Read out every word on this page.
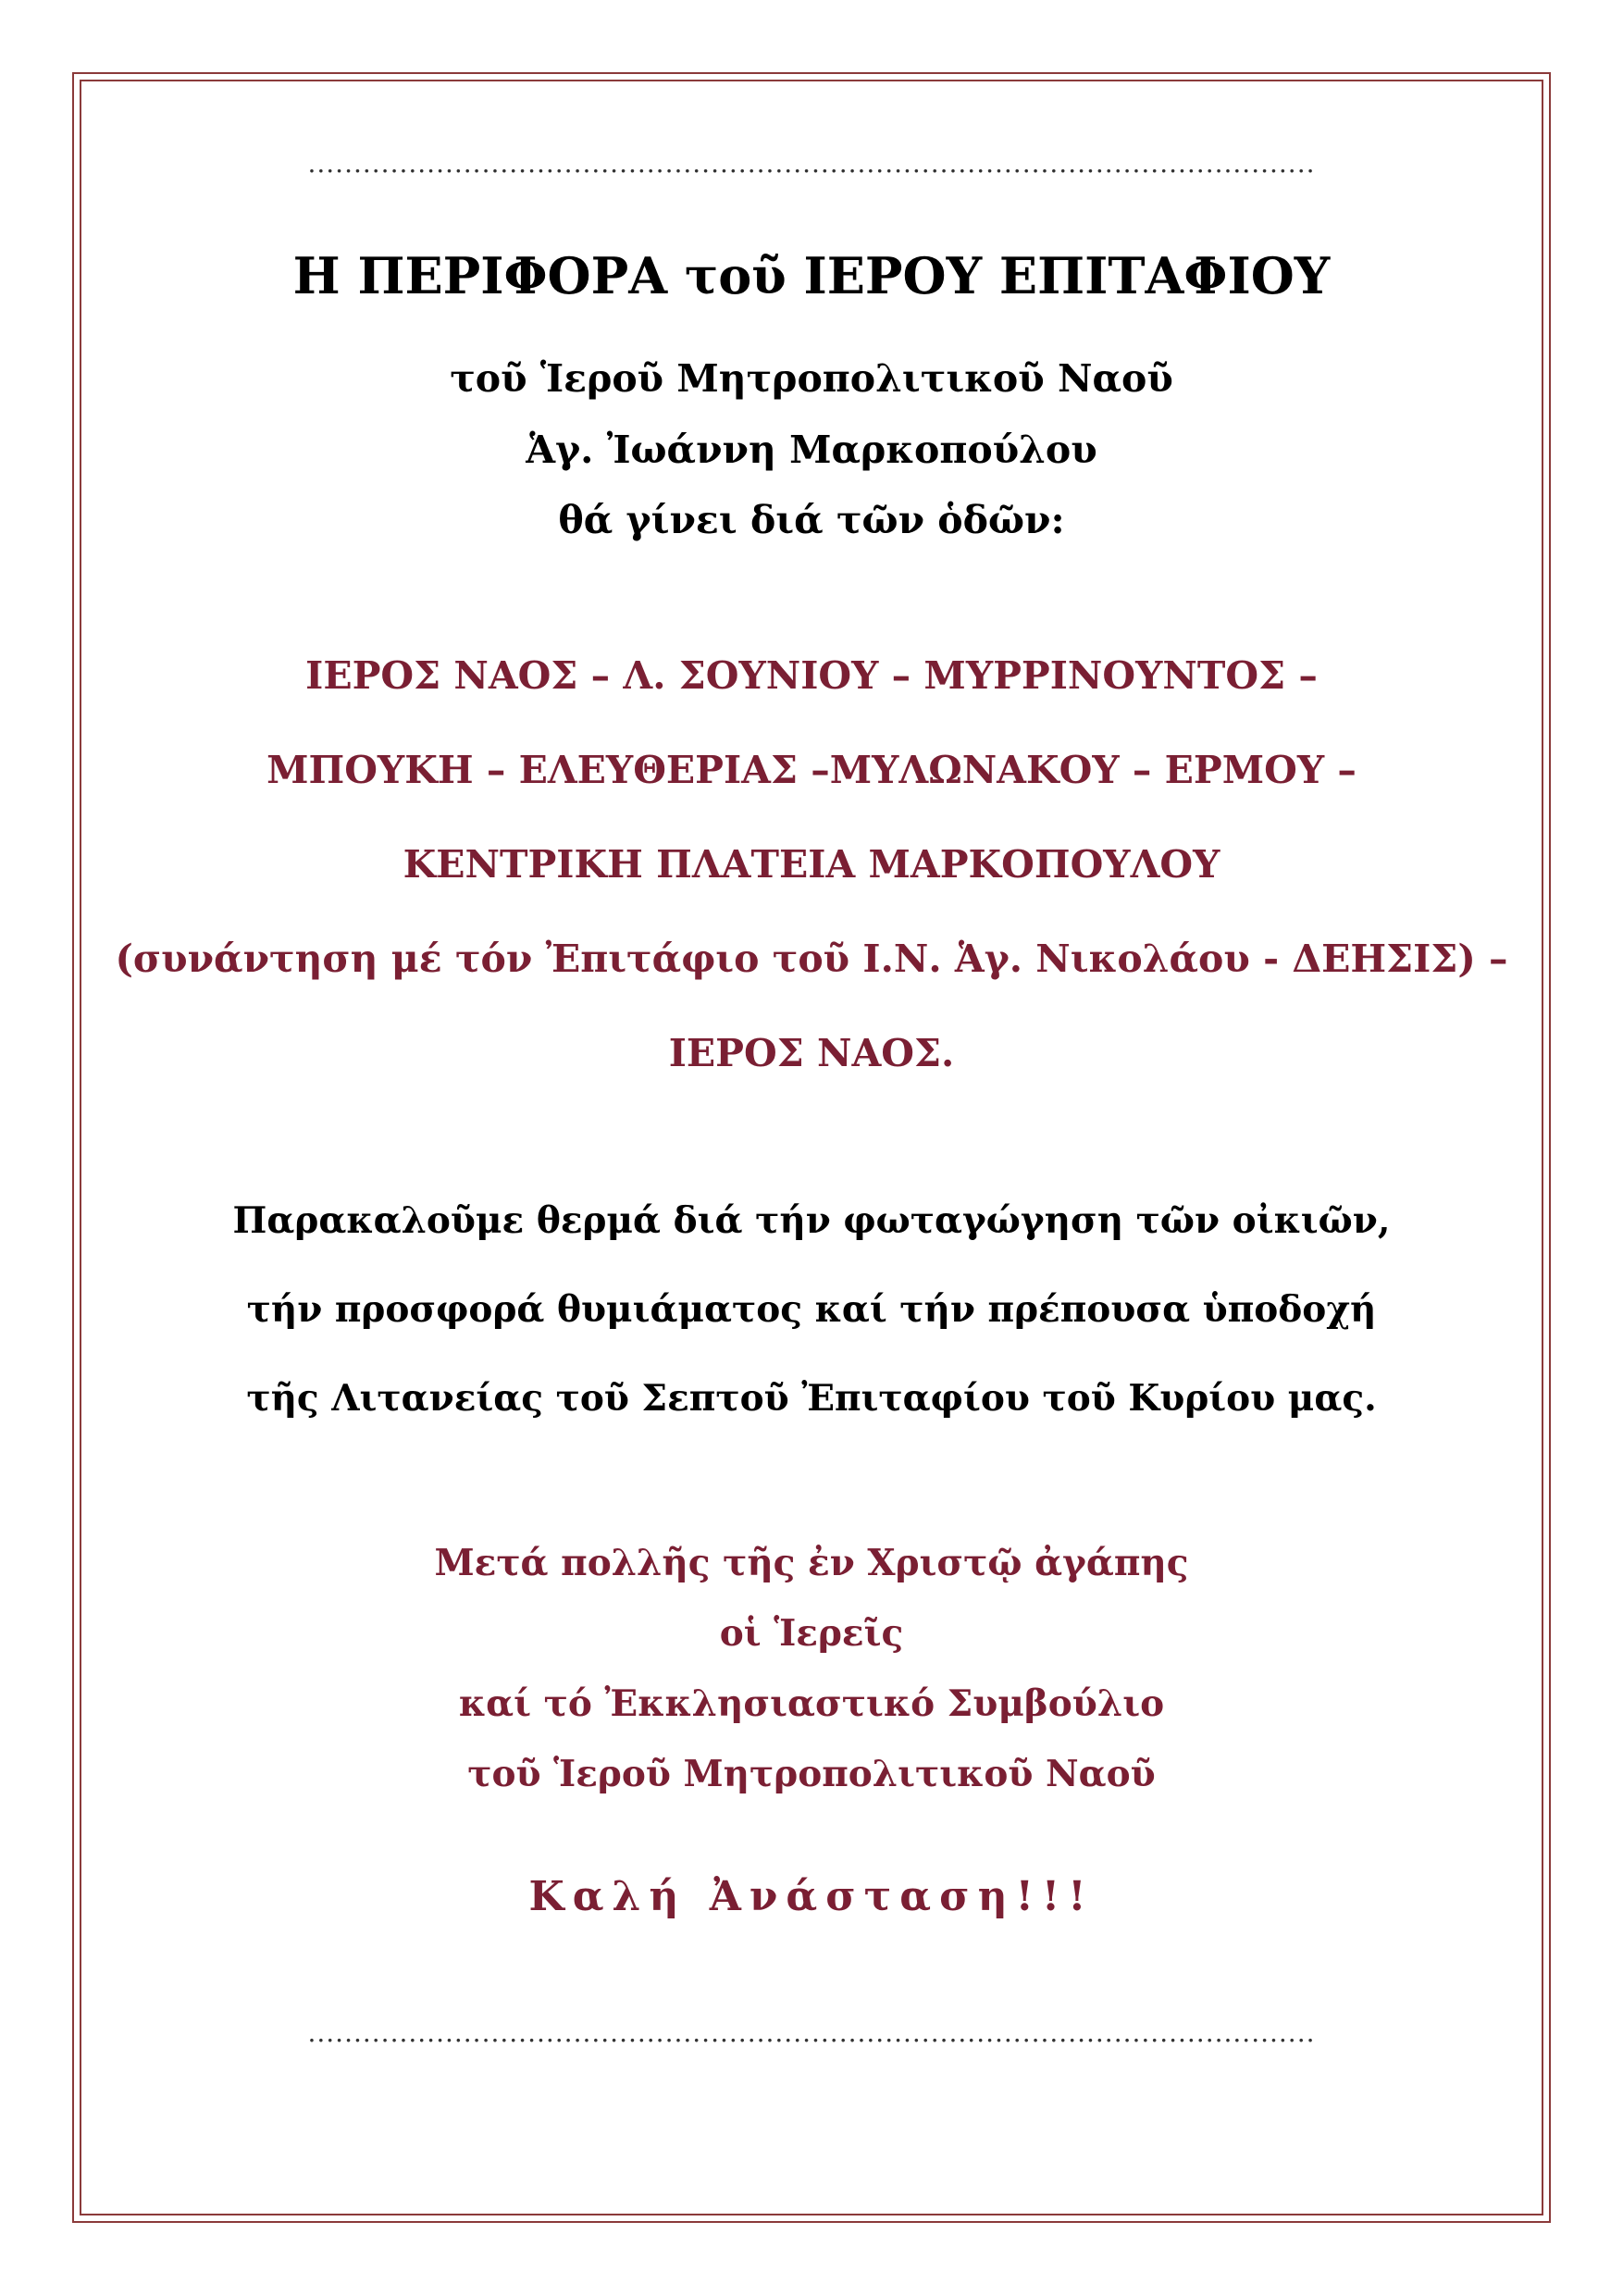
..............................................................................................................
Η ΠΕΡΙΦΟΡΑ τοῦ ΙΕΡΟΥ ΕΠΙΤΑΦΙΟΥ
τοῦ Ἱεροῦ Μητροπολιτικοῦ Ναοῦ
Ἁγ. Ἰωάννη Μαρκοπούλου
θά γίνει διά τῶν ὁδῶν:
ΙΕΡΟΣ ΝΑΟΣ – Λ. ΣΟΥΝΙΟΥ – ΜΥΡΡΙΝΟΥΝΤΟΣ –
ΜΠΟΥΚΗ – ΕΛΕΥΘΕΡΙΑΣ –ΜΥΛΩΝΑΚΟΥ – ΕΡΜΟΥ –
ΚΕΝΤΡΙΚΗ ΠΛΑΤΕΙΑ ΜΑΡΚΟΠΟΥΛΟΥ
(συνάντηση μέ τόν Ἐπιτάφιο τοῦ Ι.Ν. Ἁγ. Νικολάου - ΔΕΗΣΙΣ) –
ΙΕΡΟΣ ΝΑΟΣ.
Παρακαλοῦμε θερμά διά τήν φωταγώγηση τῶν οἰκιῶν,
τήν προσφορά θυμιάματος καί τήν πρέπουσα ὑποδοχή
τῆς Λιτανείας τοῦ Σεπτοῦ Ἐπιταφίου τοῦ Κυρίου μας.
Μετά πολλῆς τῆς ἐν Χριστῷ ἀγάπης
οἱ Ἱερεῖς
καί τό Ἐκκλησιαστικό Συμβούλιο
τοῦ Ἱεροῦ Μητροπολιτικοῦ Ναοῦ
Καλή Ἀνάσταση!!!
..............................................................................................................
